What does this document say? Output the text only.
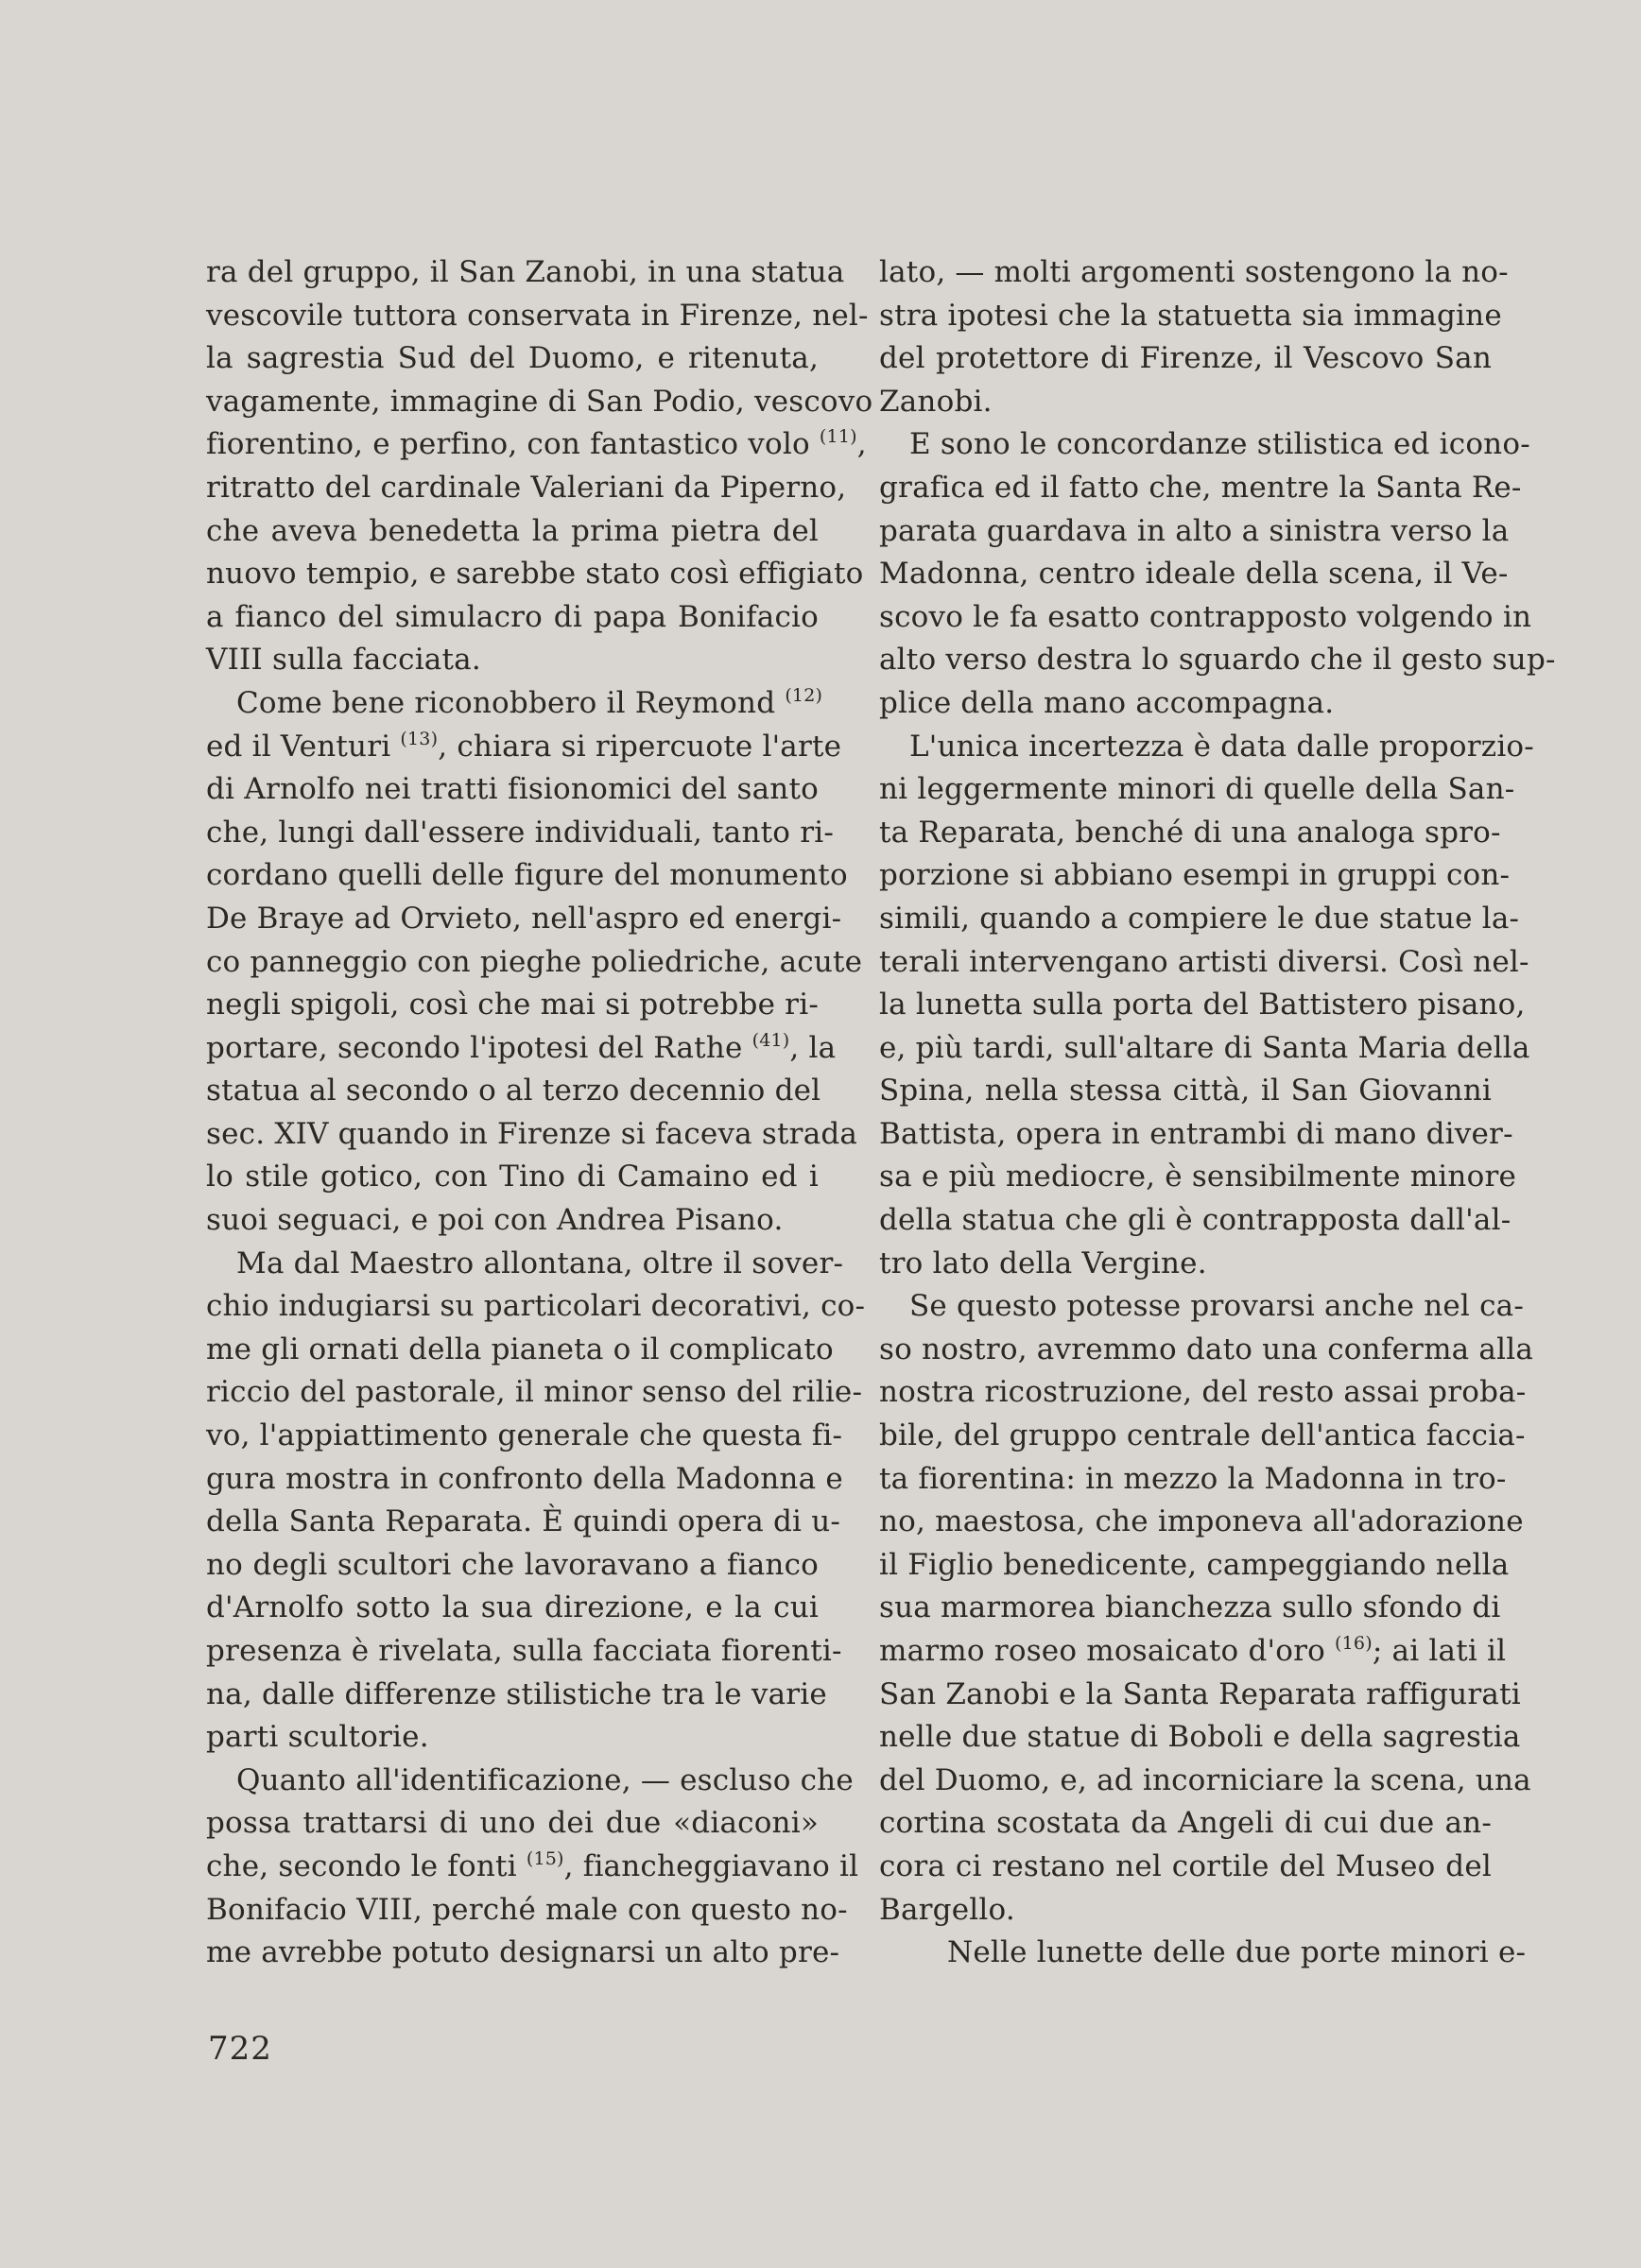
ra del gruppo, il San Zanobi, in una statua
vescovile tuttora conservata in Firenze, nel-
la sagrestia Sud del Duomo, e ritenuta,
vagamente, immagine di San Podio, vescovo
fiorentino, e perfino, con fantastico volo $^{(11)}$,
ritratto del cardinale Valeriani da Piperno,
che aveva benedetta la prima pietra del
nuovo tempio, e sarebbe stato così effigiato
a fianco del simulacro di papa Bonifacio
VIII sulla facciata.
Come bene riconobbero il Reymond $^{(12)}$
ed il Venturi $^{(13)}$, chiara si ripercuote l'arte
di Arnolfo nei tratti fisionomici del santo
che, lungi dall'essere individuali, tanto ri-
cordano quelli delle figure del monumento
De Braye ad Orvieto, nell'aspro ed energi-
co panneggio con pieghe poliedriche, acute
negli spigoli, così che mai si potrebbe ri-
portare, secondo l'ipotesi del Rathe $^{(41)}$, la
statua al secondo o al terzo decennio del
sec. XIV quando in Firenze si faceva strada
lo stile gotico, con Tino di Camaino ed i
suoi seguaci, e poi con Andrea Pisano.
Ma dal Maestro allontana, oltre il sover-
chio indugiarsi su particolari decorativi, co-
me gli ornati della pianeta o il complicato
riccio del pastorale, il minor senso del rilie-
vo, l'appiattimento generale che questa fi-
gura mostra in confronto della Madonna e
della Santa Reparata. È quindi opera di u-
no degli scultori che lavoravano a fianco
d'Arnolfo sotto la sua direzione, e la cui
presenza è rivelata, sulla facciata fiorenti-
na, dalle differenze stilistiche tra le varie
parti scultorie.
Quanto all'identificazione, — escluso che
possa trattarsi di uno dei due «diaconi»
che, secondo le fonti $^{(15)}$, fiancheggiavano il
Bonifacio VIII, perché male con questo no-
me avrebbe potuto designarsi un alto pre-
lato, — molti argomenti sostengono la no-
stra ipotesi che la statuetta sia immagine
del protettore di Firenze, il Vescovo San
Zanobi.
E sono le concordanze stilistica ed icono-
grafica ed il fatto che, mentre la Santa Re-
parata guardava in alto a sinistra verso la
Madonna, centro ideale della scena, il Ve-
scovo le fa esatto contrapposto volgendo in
alto verso destra lo sguardo che il gesto sup-
plice della mano accompagna.
L'unica incertezza è data dalle proporzio-
ni leggermente minori di quelle della San-
ta Reparata, benché di una analoga spro-
porzione si abbiano esempi in gruppi con-
simili, quando a compiere le due statue la-
terali intervengano artisti diversi. Così nel-
la lunetta sulla porta del Battistero pisano,
e, più tardi, sull'altare di Santa Maria della
Spina, nella stessa città, il San Giovanni
Battista, opera in entrambi di mano diver-
sa e più mediocre, è sensibilmente minore
della statua che gli è contrapposta dall'al-
tro lato della Vergine.
Se questo potesse provarsi anche nel ca-
so nostro, avremmo dato una conferma alla
nostra ricostruzione, del resto assai proba-
bile, del gruppo centrale dell'antica faccia-
ta fiorentina: in mezzo la Madonna in tro-
no, maestosa, che imponeva all'adorazione
il Figlio benedicente, campeggiando nella
sua marmorea bianchezza sullo sfondo di
marmo roseo mosaicato d'oro $^{(16)}$; ai lati il
San Zanobi e la Santa Reparata raffigurati
nelle due statue di Boboli e della sagrestia
del Duomo, e, ad incorniciare la scena, una
cortina scostata da Angeli di cui due an-
cora ci restano nel cortile del Museo del
Bargello.
Nelle lunette delle due porte minori e-
722
